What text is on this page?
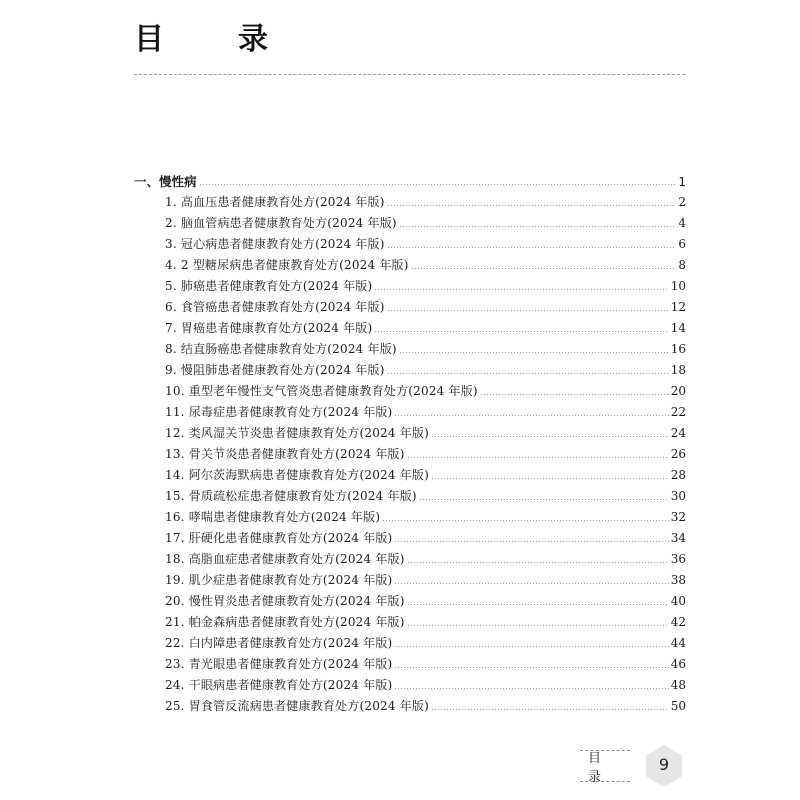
目　录
一、慢性病	1
1. 高血压患者健康教育处方(2024 年版)	2
2. 脑血管病患者健康教育处方(2024 年版)	4
3. 冠心病患者健康教育处方(2024 年版)	6
4. 2 型糖尿病患者健康教育处方(2024 年版)	8
5. 肺癌患者健康教育处方(2024 年版)	10
6. 食管癌患者健康教育处方(2024 年版)	12
7. 胃癌患者健康教育处方(2024 年版)	14
8. 结直肠癌患者健康教育处方(2024 年版)	16
9. 慢阻肺患者健康教育处方(2024 年版)	18
10. 重型老年慢性支气管炎患者健康教育处方(2024 年版)	20
11. 尿毒症患者健康教育处方(2024 年版)	22
12. 类风湿关节炎患者健康教育处方(2024 年版)	24
13. 骨关节炎患者健康教育处方(2024 年版)	26
14. 阿尔茨海默病患者健康教育处方(2024 年版)	28
15. 骨质疏松症患者健康教育处方(2024 年版)	30
16. 哮喘患者健康教育处方(2024 年版)	32
17. 肝硬化患者健康教育处方(2024 年版)	34
18. 高脂血症患者健康教育处方(2024 年版)	36
19. 肌少症患者健康教育处方(2024 年版)	38
20. 慢性胃炎患者健康教育处方(2024 年版)	40
21. 帕金森病患者健康教育处方(2024 年版)	42
22. 白内障患者健康教育处方(2024 年版)	44
23. 青光眼患者健康教育处方(2024 年版)	46
24. 干眼病患者健康教育处方(2024 年版)	48
25. 胃食管反流病患者健康教育处方(2024 年版)	50
目 录
9
